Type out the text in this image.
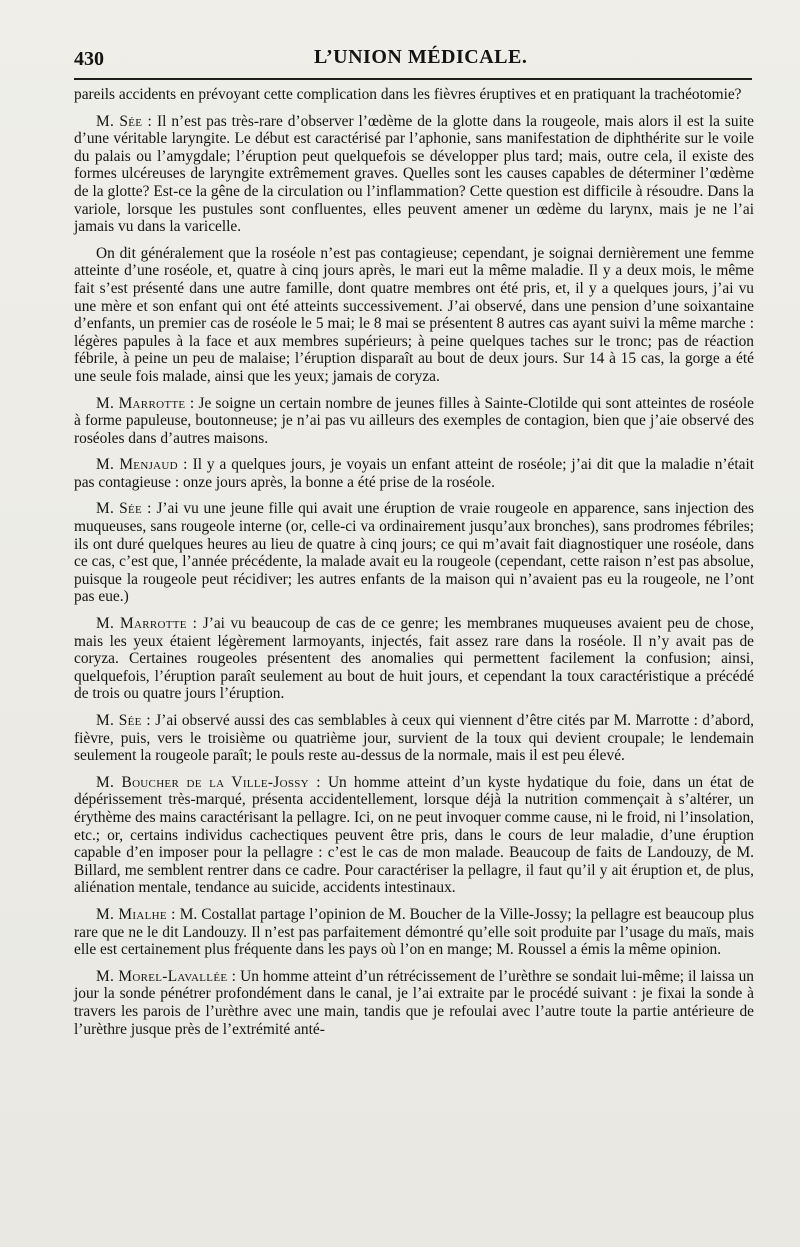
430	L’UNION MÉDICALE.

pareils accidents en prévoyant cette complication dans les fièvres éruptives et en pratiquant la trachéotomie?

M. Sée : Il n’est pas très-rare d’observer l’œdème de la glotte dans la rougeole, mais alors il est la suite d’une véritable laryngite. Le début est caractérisé par l’aphonie, sans manifestation de diphthérite sur le voile du palais ou l’amygdale; l’éruption peut quelquefois se développer plus tard; mais, outre cela, il existe des formes ulcéreuses de laryngite extrêmement graves. Quelles sont les causes capables de déterminer l’œdème de la glotte? Est-ce la gêne de la circulation ou l’inflammation? Cette question est difficile à résoudre. Dans la variole, lorsque les pustules sont confluentes, elles peuvent amener un œdème du larynx, mais je ne l’ai jamais vu dans la varicelle.

On dit généralement que la roséole n’est pas contagieuse; cependant, je soignai dernièrement une femme atteinte d’une roséole, et, quatre à cinq jours après, le mari eut la même maladie. Il y a deux mois, le même fait s’est présenté dans une autre famille, dont quatre membres ont été pris, et, il y a quelques jours, j’ai vu une mère et son enfant qui ont été atteints successivement. J’ai observé, dans une pension d’une soixantaine d’enfants, un premier cas de roséole le 5 mai; le 8 mai se présentent 8 autres cas ayant suivi la même marche : légères papules à la face et aux membres supérieurs; à peine quelques taches sur le tronc; pas de réaction fébrile, à peine un peu de malaise; l’éruption disparaît au bout de deux jours. Sur 14 à 15 cas, la gorge a été une seule fois malade, ainsi que les yeux; jamais de coryza.

M. Marrotte : Je soigne un certain nombre de jeunes filles à Sainte-Clotilde qui sont atteintes de roséole à forme papuleuse, boutonneuse; je n’ai pas vu ailleurs des exemples de contagion, bien que j’aie observé des roséoles dans d’autres maisons.

M. Menjaud : Il y a quelques jours, je voyais un enfant atteint de roséole; j’ai dit que la maladie n’était pas contagieuse : onze jours après, la bonne a été prise de la roséole.

M. Sée : J’ai vu une jeune fille qui avait une éruption de vraie rougeole en apparence, sans injection des muqueuses, sans rougeole interne (or, celle-ci va ordinairement jusqu’aux bronches), sans prodromes fébriles; ils ont duré quelques heures au lieu de quatre à cinq jours; ce qui m’avait fait diagnostiquer une roséole, dans ce cas, c’est que, l’année précédente, la malade avait eu la rougeole (cependant, cette raison n’est pas absolue, puisque la rougeole peut récidiver; les autres enfants de la maison qui n’avaient pas eu la rougeole, ne l’ont pas eue.)

M. Marrotte : J’ai vu beaucoup de cas de ce genre; les membranes muqueuses avaient peu de chose, mais les yeux étaient légèrement larmoyants, injectés, fait assez rare dans la roséole. Il n’y avait pas de coryza. Certaines rougeoles présentent des anomalies qui permettent facilement la confusion; ainsi, quelquefois, l’éruption paraît seulement au bout de huit jours, et cependant la toux caractéristique a précédé de trois ou quatre jours l’éruption.

M. Sée : J’ai observé aussi des cas semblables à ceux qui viennent d’être cités par M. Marrotte : d’abord, fièvre, puis, vers le troisième ou quatrième jour, survient de la toux qui devient croupale; le lendemain seulement la rougeole paraît; le pouls reste au-dessus de la normale, mais il est peu élevé.

M. Boucher de la Ville-Jossy : Un homme atteint d’un kyste hydatique du foie, dans un état de dépérissement très-marqué, présenta accidentellement, lorsque déjà la nutrition commençait à s’altérer, un érythème des mains caractérisant la pellagre. Ici, on ne peut invoquer comme cause, ni le froid, ni l’insolation, etc.; or, certains individus cachectiques peuvent être pris, dans le cours de leur maladie, d’une éruption capable d’en imposer pour la pellagre : c’est le cas de mon malade. Beaucoup de faits de Landouzy, de M. Billard, me semblent rentrer dans ce cadre. Pour caractériser la pellagre, il faut qu’il y ait éruption et, de plus, aliénation mentale, tendance au suicide, accidents intestinaux.

M. Mialhe : M. Costallat partage l’opinion de M. Boucher de la Ville-Jossy; la pellagre est beaucoup plus rare que ne le dit Landouzy. Il n’est pas parfaitement démontré qu’elle soit produite par l’usage du maïs, mais elle est certainement plus fréquente dans les pays où l’on en mange; M. Roussel a émis la même opinion.

M. Morel-Lavallée : Un homme atteint d’un rétrécissement de l’urèthre se sondait lui-même; il laissa un jour la sonde pénétrer profondément dans le canal, je l’ai extraite par le procédé suivant : je fixai la sonde à travers les parois de l’urèthre avec une main, tandis que je refoulai avec l’autre toute la partie antérieure de l’urèthre jusque près de l’extrémité anté-
